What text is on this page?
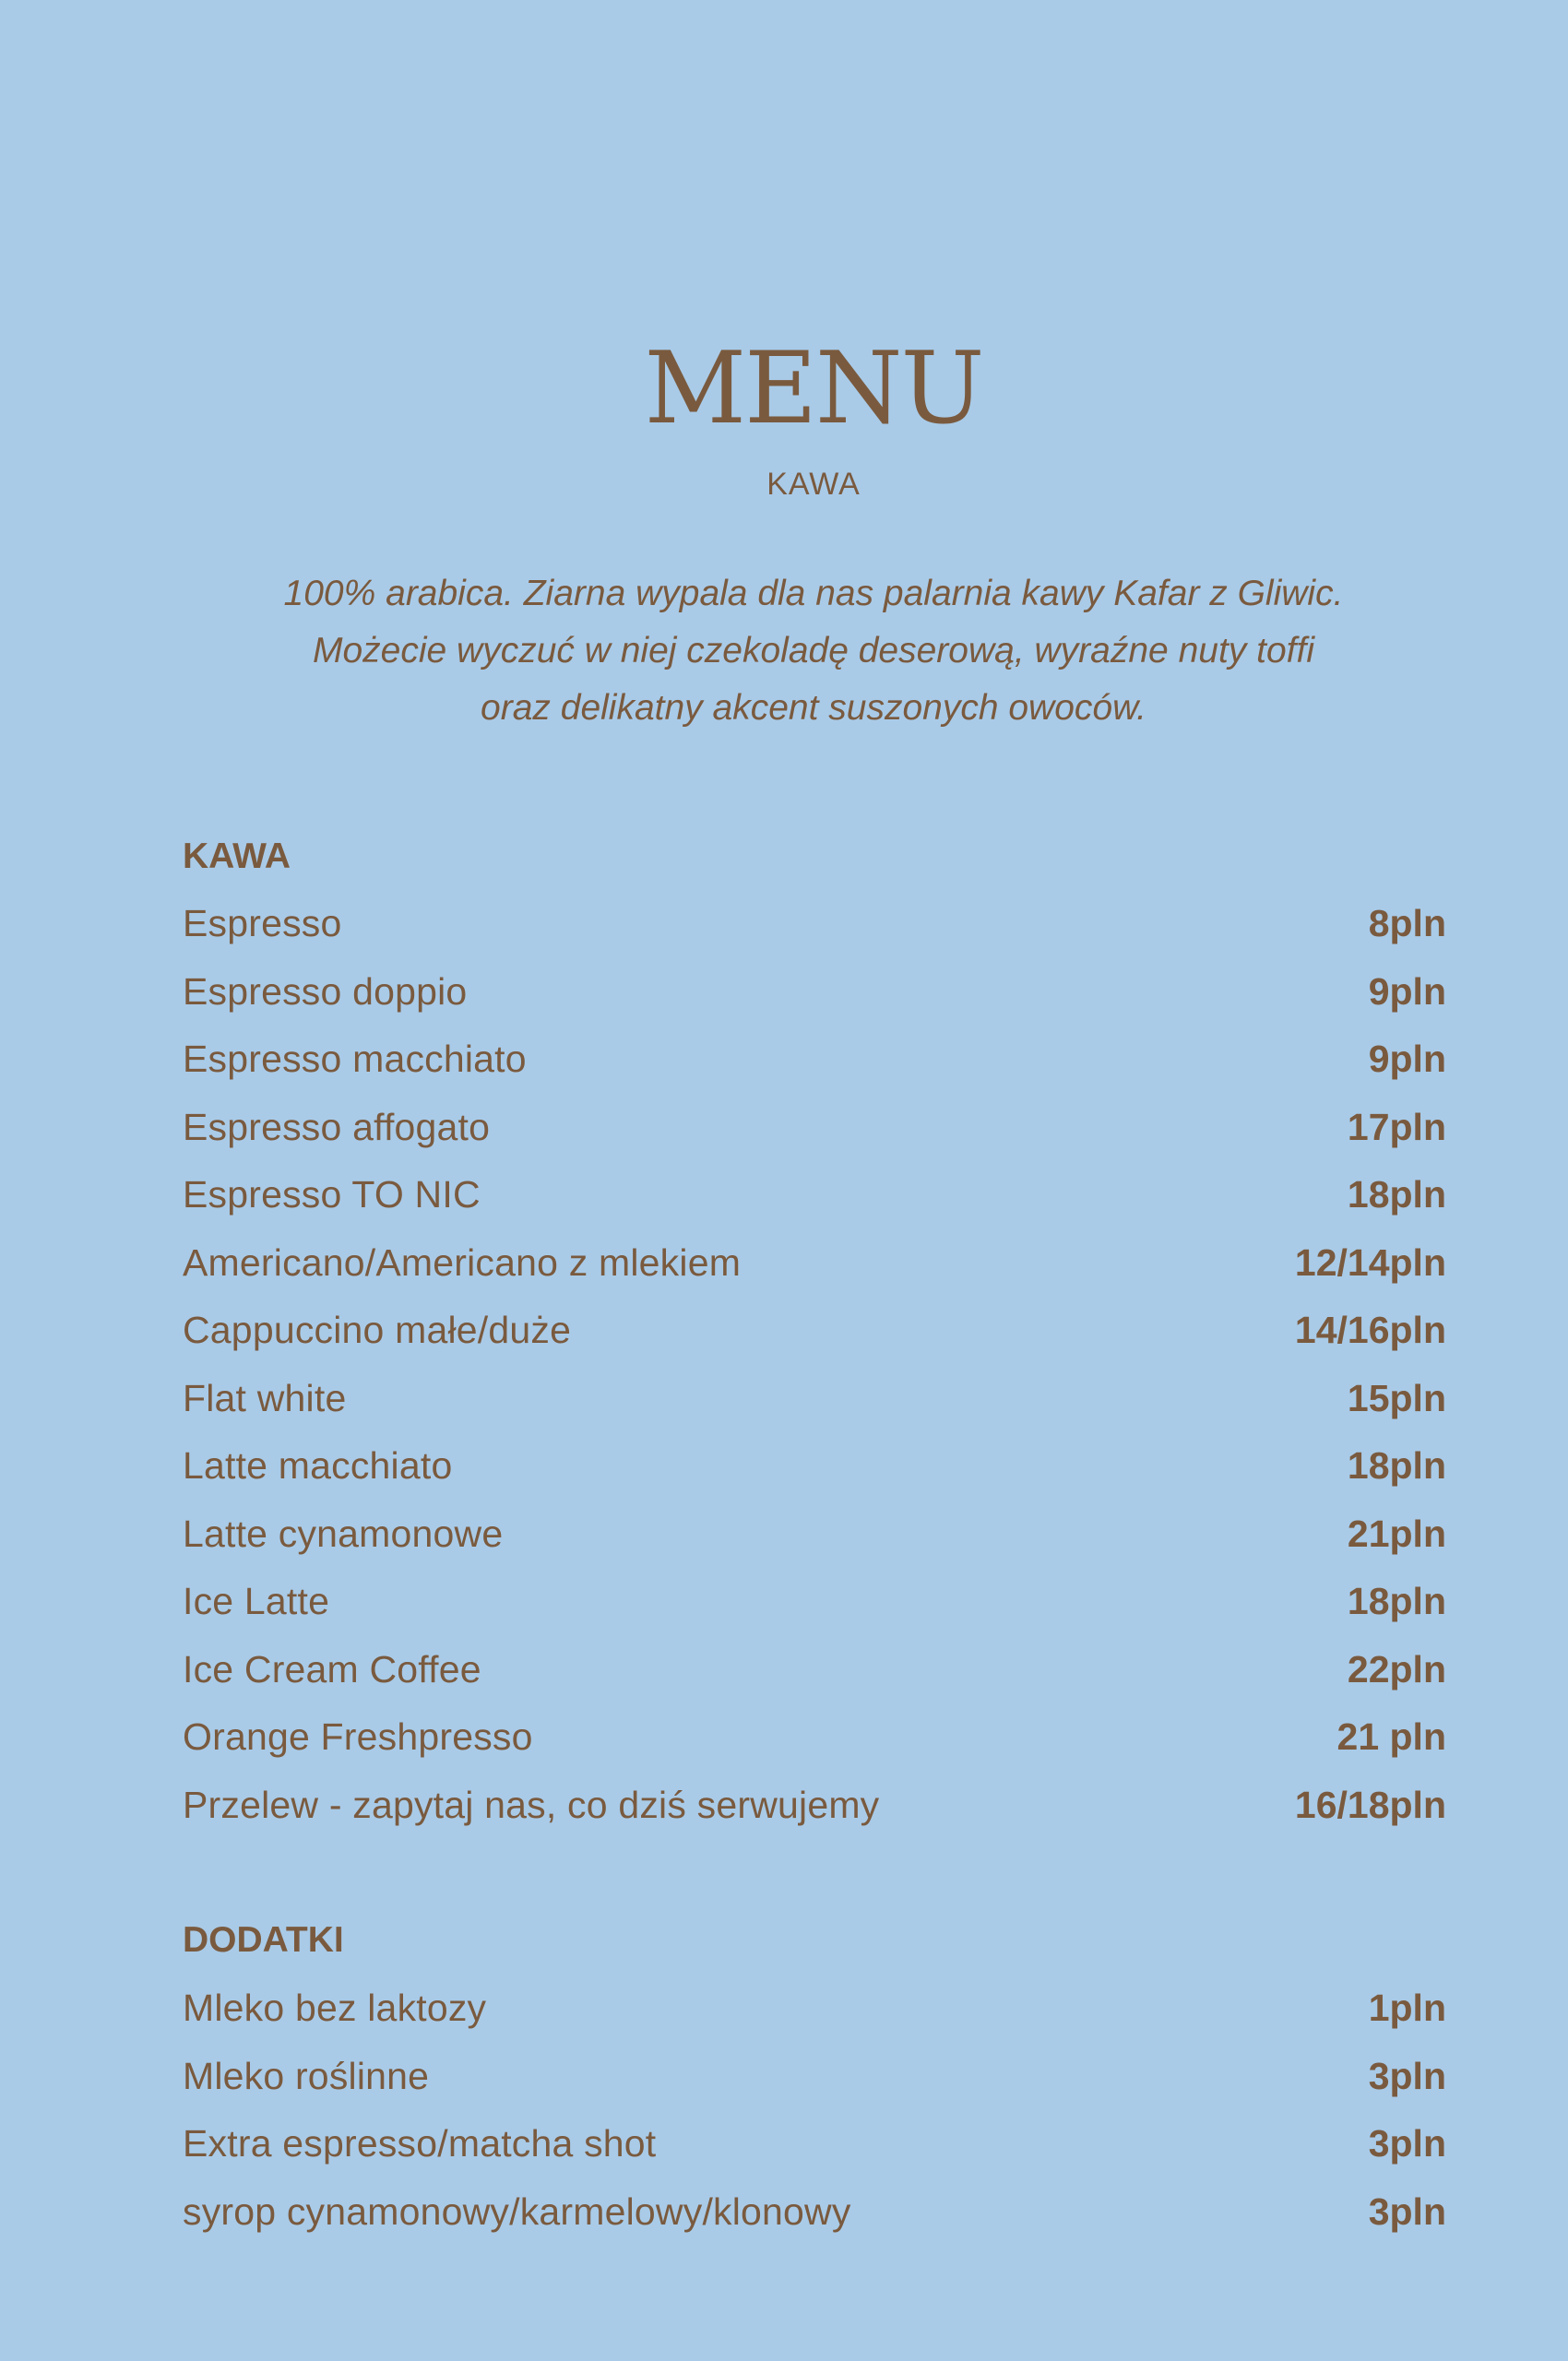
MENU
KAWA

100% arabica. Ziarna wypala dla nas palarnia kawy Kafar z Gliwic.
Możecie wyczuć w niej czekoladę deserową, wyraźne nuty toffi
oraz delikatny akcent suszonych owoców.

KAWA
Espresso	8pln
Espresso doppio	9pln
Espresso macchiato	9pln
Espresso affogato	17pln
Espresso TO NIC	18pln
Americano/Americano z mlekiem	12/14pln
Cappuccino małe/duże	14/16pln
Flat white	15pln
Latte macchiato	18pln
Latte cynamonowe	21pln
Ice Latte	18pln
Ice Cream Coffee	22pln
Orange Freshpresso	21 pln
Przelew - zapytaj nas, co dziś serwujemy	16/18pln
DODATKI
Mleko bez laktozy	1pln
Mleko roślinne	3pln
Extra espresso/matcha shot	3pln
syrop cynamonowy/karmelowy/klonowy	3pln
